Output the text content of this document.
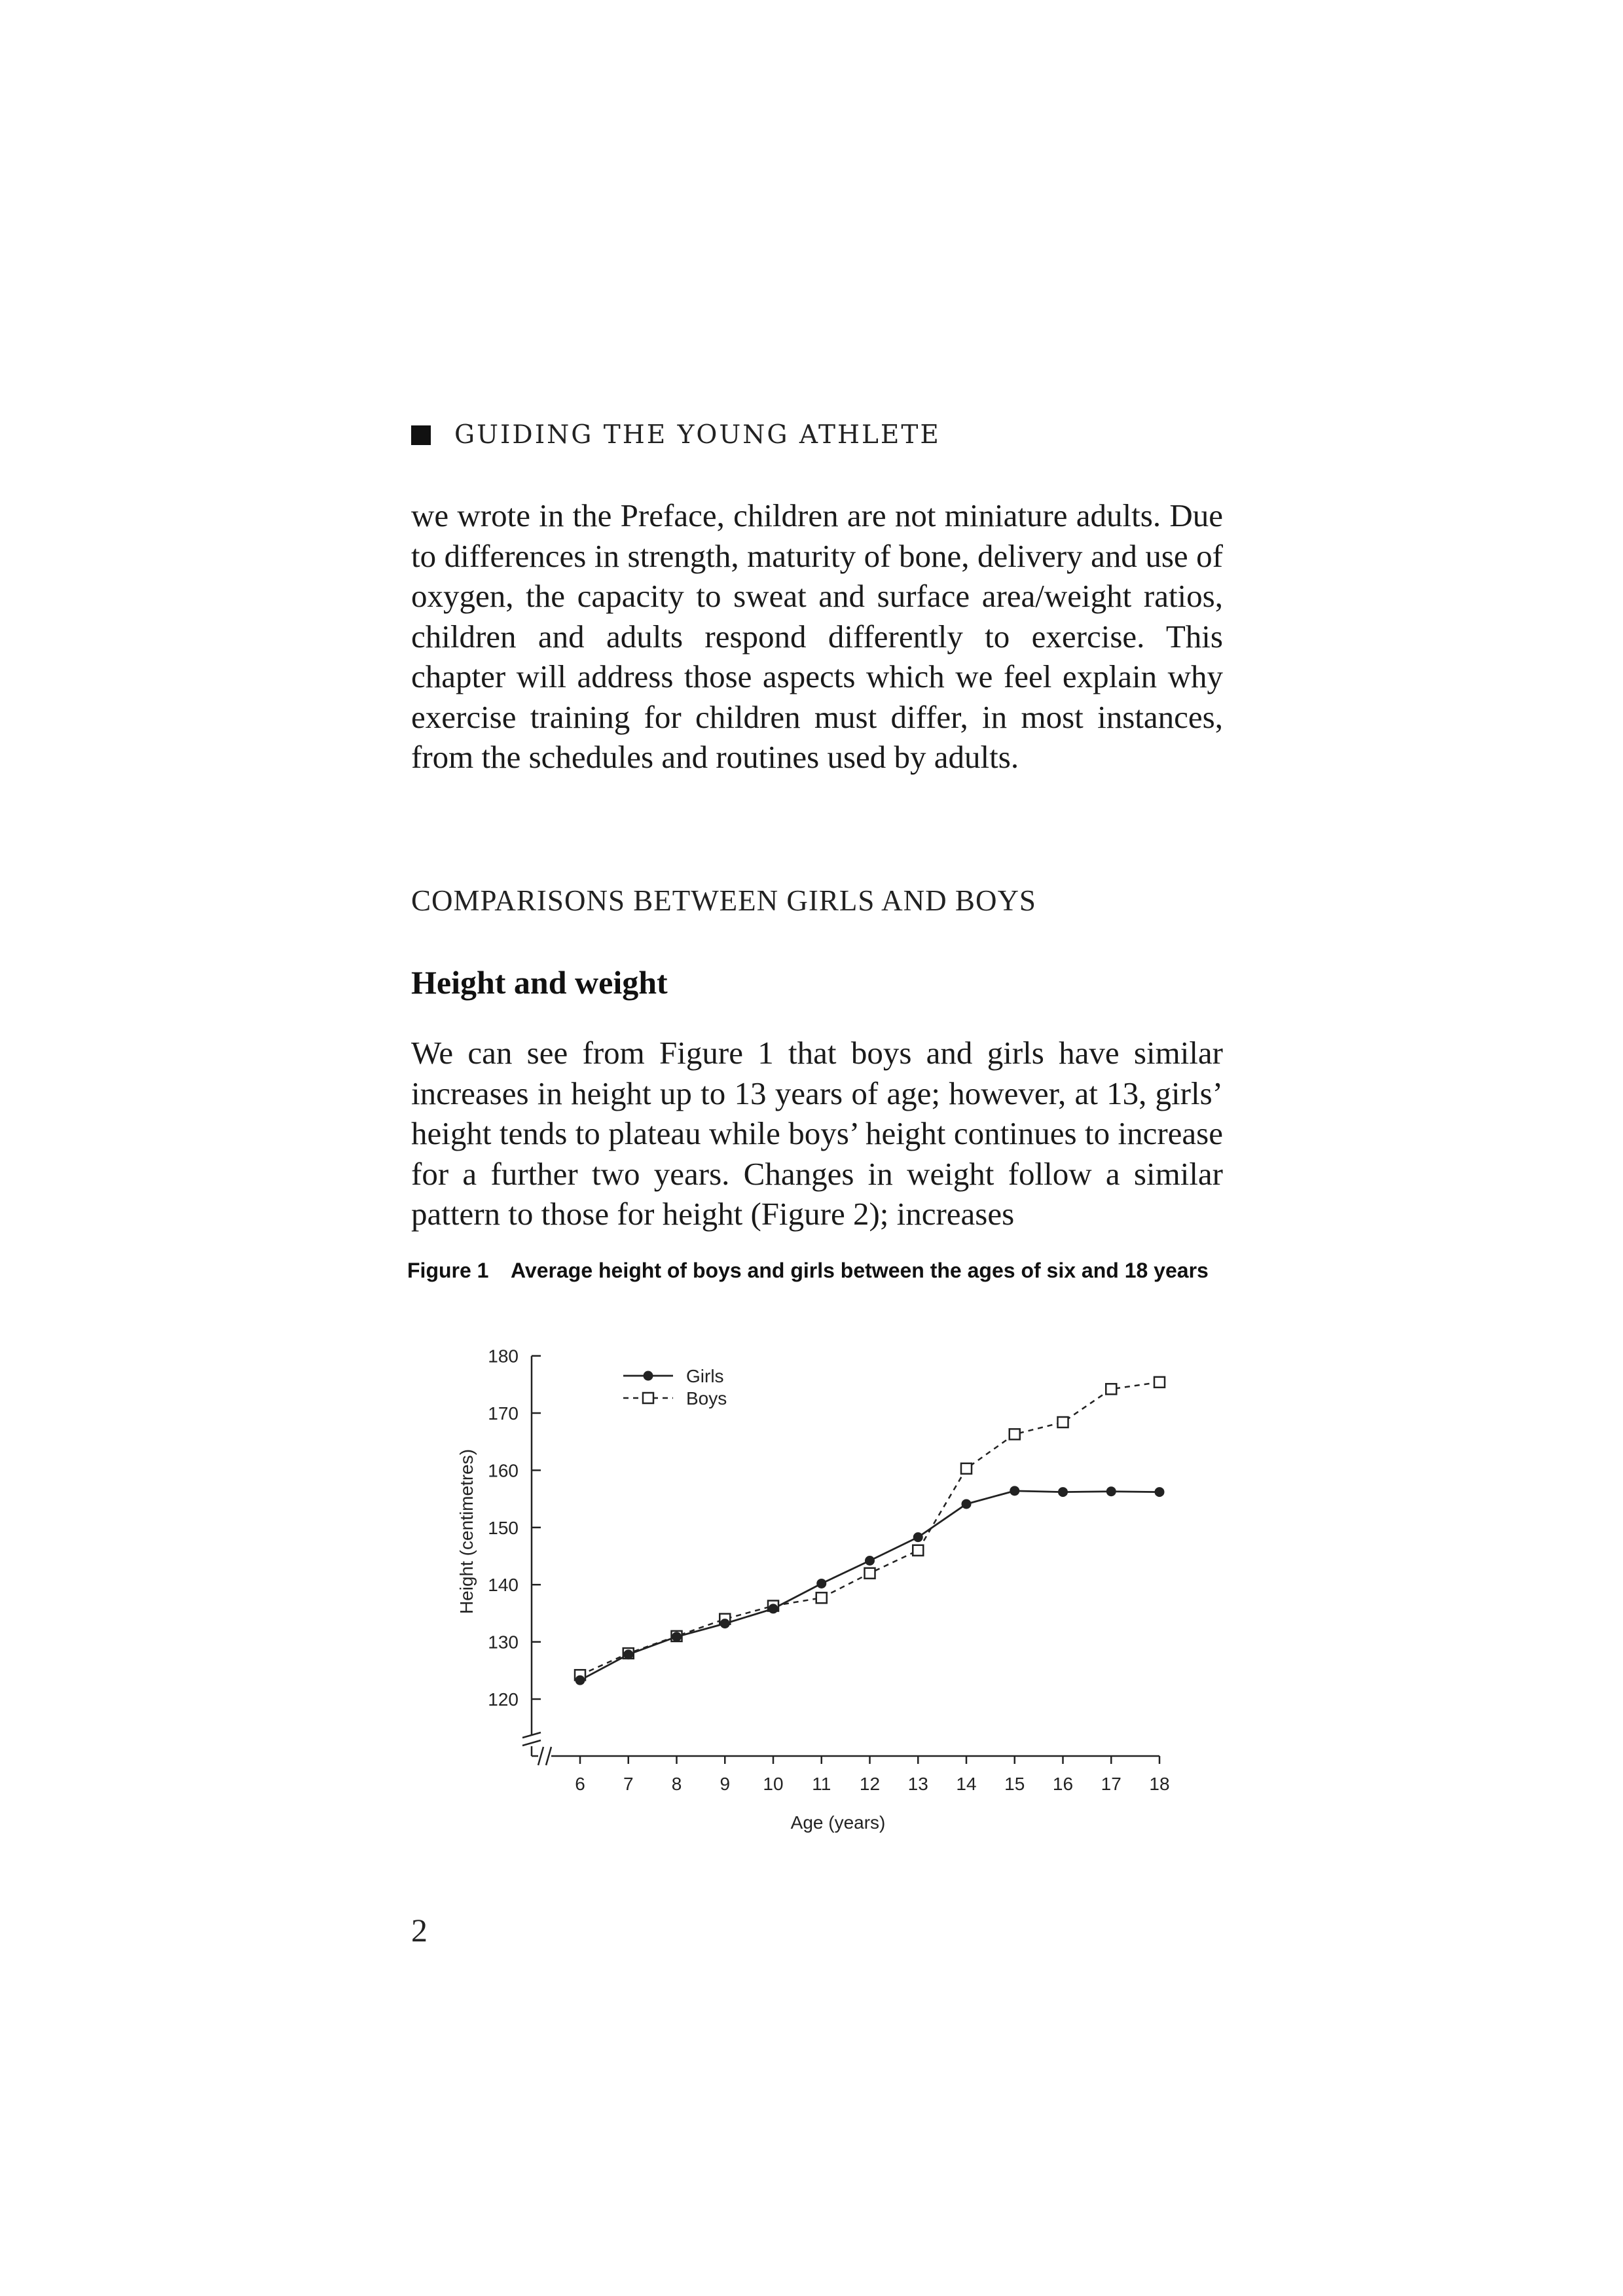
GUIDING THE YOUNG ATHLETE

we wrote in the Preface, children are not miniature adults. Due to differences in strength, maturity of bone, delivery and use of oxygen, the capacity to sweat and surface area/weight ratios, children and adults respond differently to exercise. This chapter will address those aspects which we feel explain why exercise training for children must differ, in most instances, from the schedules and routines used by adults.

COMPARISONS BETWEEN GIRLS AND BOYS
Height and weight

We can see from Figure 1 that boys and girls have similar increases in height up to 13 years of age; however, at 13, girls’ height tends to plateau while boys’ height continues to increase for a further two years. Changes in weight follow a similar pattern to those for height (Figure 2); increases

Figure 1	Average height of boys and girls between the ages of six and 18 years
120
130
140
150
160
170
180
6 7 8 9 10 11 12 13 14 15 16 17 18
Age (years)
Height (centimetres)
Girls
Boys
2
